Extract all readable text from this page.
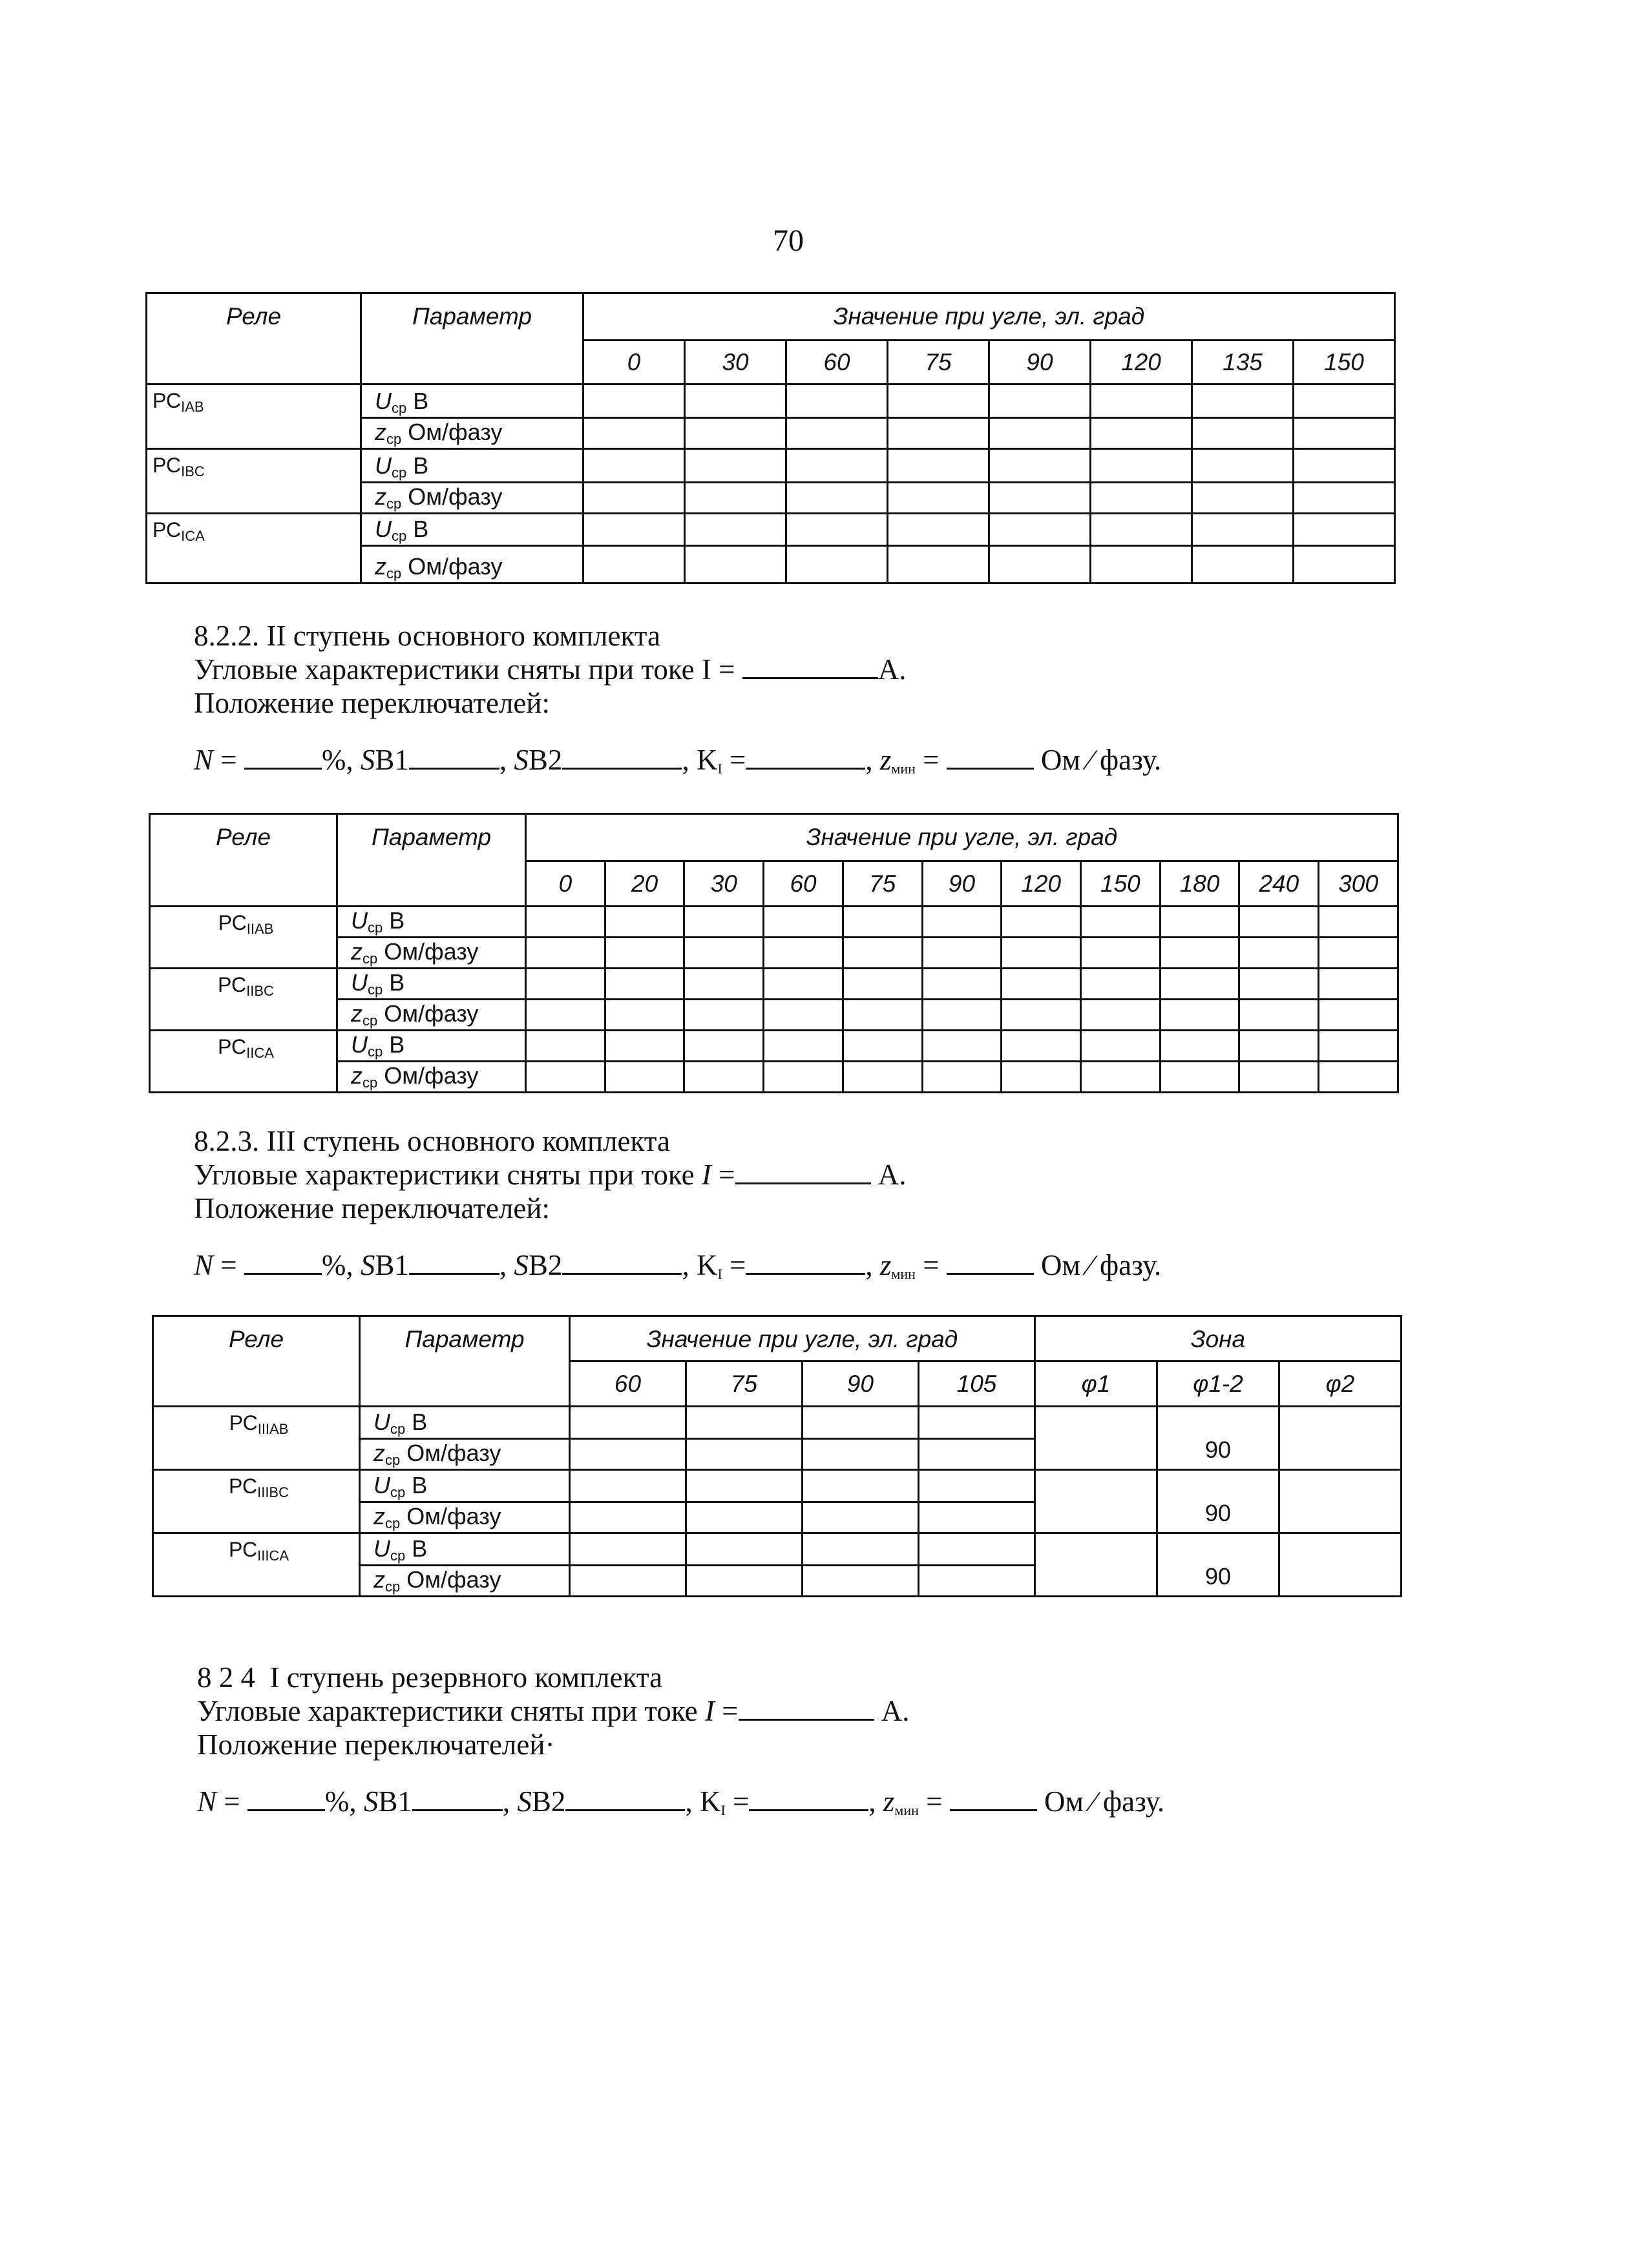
70
Реле	Параметр	Значение при угле, эл. град							
		0	30	60	75	90	120	135	150
$РС_{IAB}$	$U_{ср}$ В								
	$z_{ср}$ Ом/фазу								
$РС_{IBC}$	$U_{ср}$ В								
	$z_{ср}$ Ом/фазу								
$РС_{ICA}$	$U_{ср}$ В								
	$z_{ср}$ Ом/фазу								
8.2.2. II ступень основного комплекта
Угловые характеристики сняты при токе I =	А.
Положение переключателей:
N =	%, SB1	, SB2	, $K_I$ =	, $z_{мин}$ =	Ом ∕ фазу.
Реле	Параметр	Значение при угле, эл. град										
		0	20	30	60	75	90	120	150	180	240	300
$РС_{IIAB}$	$U_{ср}$ В											
	$z_{ср}$ Ом/фазу											
$РС_{IIBC}$	$U_{ср}$ В											
	$z_{ср}$ Ом/фазу											
$РС_{IICA}$	$U_{ср}$ В											
	$z_{ср}$ Ом/фазу											
8.2.3. III ступень основного комплекта
Угловые характеристики сняты при токе I =	А.
Положение переключателей:
N =	%, SB1	, SB2	, $K_I$ =	, $z_{мин}$ =	Ом ∕ фазу.
Реле	Параметр	Значение при угле, эл. град				Зона		
		60	75	90	105	φ1	φ1-2	φ2
$РС_{IIIAB}$	$U_{ср}$ В						90	
	$z_{ср}$ Ом/фазу							
$РС_{IIIBC}$	$U_{ср}$ В						90	
	$z_{ср}$ Ом/фазу							
$РС_{IIICA}$	$U_{ср}$ В						90	
	$z_{ср}$ Ом/фазу							
8 2 4  I ступень резервного комплекта
Угловые характеристики сняты при токе I =	А.
Положение переключателей·
N =	%, SB1	, SB2	, $K_I$ =	, $z_{мин}$ =	Ом ∕ фазу.
